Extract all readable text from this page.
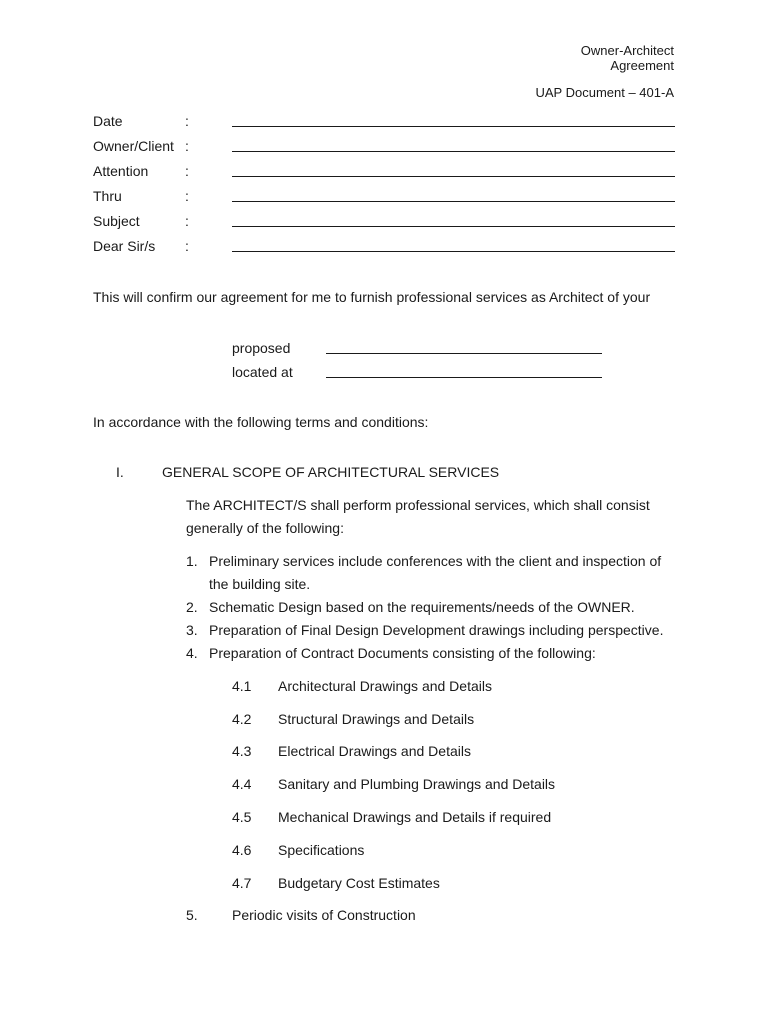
Owner-Architect
Agreement
UAP Document – 401-A
Date	:
Owner/Client :
Attention	:
Thru	:
Subject	:
Dear Sir/s :
This will confirm our agreement for me to furnish professional services as Architect of your
proposed
located at
In accordance with the following terms and conditions:
I.	GENERAL SCOPE OF ARCHITECTURAL SERVICES
The ARCHITECT/S shall perform professional services, which shall consist
generally of the following:
1. Preliminary services include conferences with the client and inspection of
the building site.
2. Schematic Design based on the requirements/needs of the OWNER.
3. Preparation of Final Design Development drawings including perspective.
4. Preparation of Contract Documents consisting of the following:
4.1 Architectural Drawings and Details
4.2 Structural Drawings and Details
4.3 Electrical Drawings and Details
4.4 Sanitary and Plumbing Drawings and Details
4.5 Mechanical Drawings and Details if required
4.6 Specifications
4.7 Budgetary Cost Estimates
5. Periodic visits of Construction
